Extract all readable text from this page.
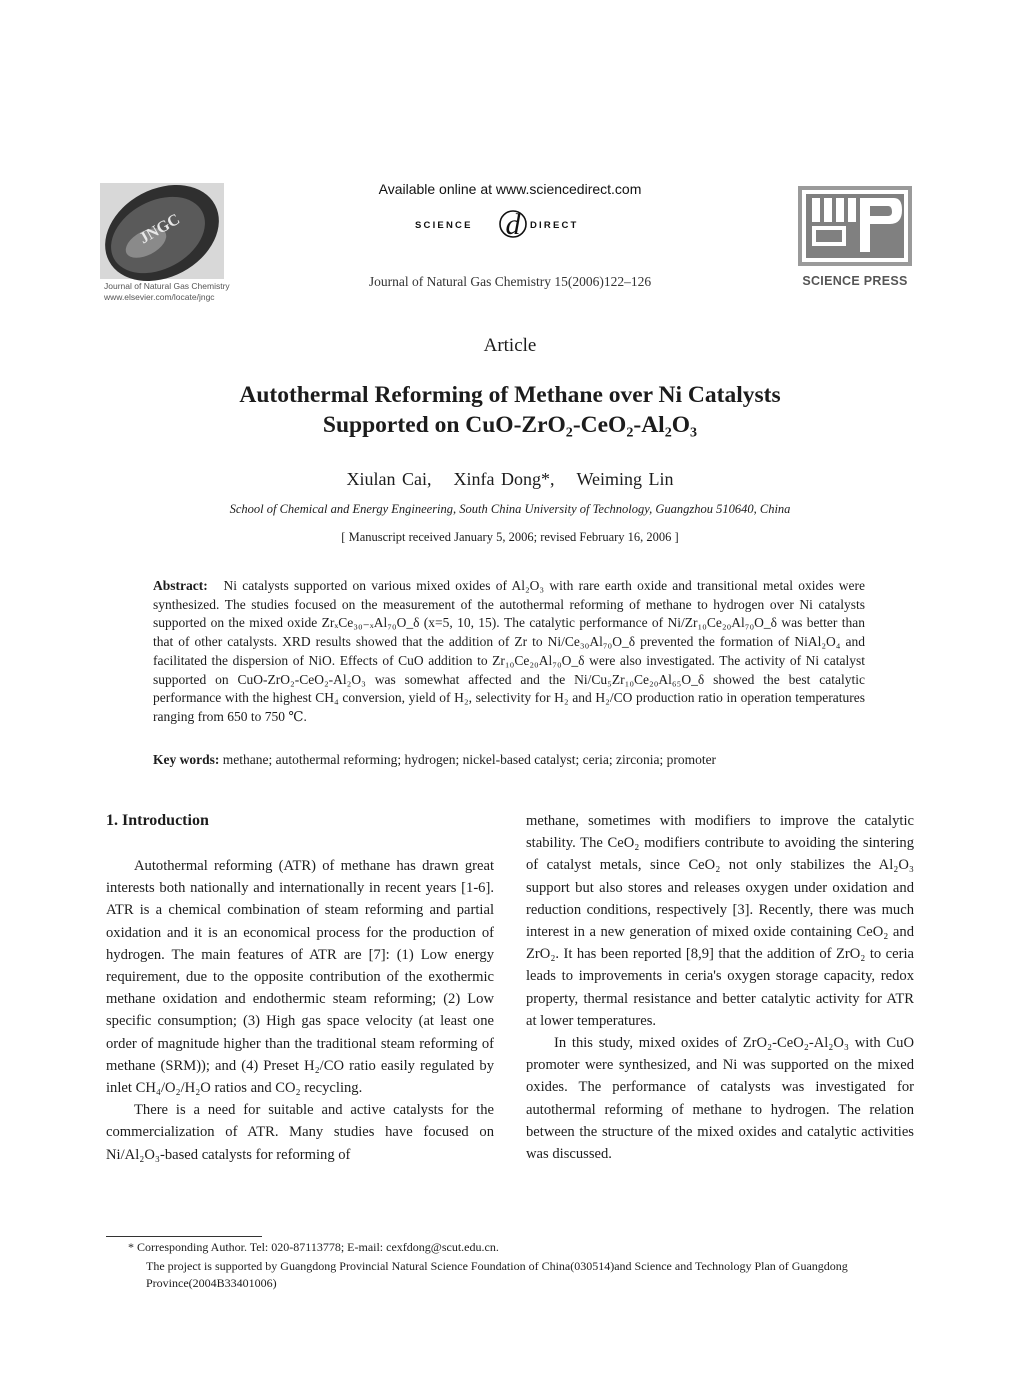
JNGC
Journal of Natural Gas Chemistry
www.elsevier.com/locate/jngc
Available online at www.sciencedirect.com
SCIENCE d DIRECT
Journal of Natural Gas Chemistry 15(2006)122–126	SCIENCE PRESS
Article
Autothermal Reforming of Methane over Ni Catalysts
Supported on CuO-ZrO₂-CeO₂-Al₂O₃
Xiulan Cai, Xinfa Dong*, Weiming Lin
School of Chemical and Energy Engineering, South China University of Technology, Guangzhou 510640, China
[ Manuscript received January 5, 2006; revised February 16, 2006 ]
Abstract: Ni catalysts supported on various mixed oxides of Al₂O₃ with rare earth oxide and transitional metal oxides were synthesized. The studies focused on the measurement of the autothermal reforming of methane to hydrogen over Ni catalysts supported on the mixed oxide ZrₓCe₃₀₋ₓAl₇₀O_δ (x=5, 10, 15). The catalytic performance of Ni/Zr₁₀Ce₂₀Al₇₀O_δ was better than that of other catalysts. XRD results showed that the addition of Zr to Ni/Ce₃₀Al₇₀O_δ prevented the formation of NiAl₂O₄ and facilitated the dispersion of NiO. Effects of CuO addition to Zr₁₀Ce₂₀Al₇₀O_δ were also investigated. The activity of Ni catalyst supported on CuO-ZrO₂-CeO₂-Al₂O₃ was somewhat affected and the Ni/Cu₅Zr₁₀Ce₂₀Al₆₅O_δ showed the best catalytic performance with the highest CH₄ conversion, yield of H₂, selectivity for H₂ and H₂/CO production ratio in operation temperatures ranging from 650 to 750 ℃.
Key words: methane; autothermal reforming; hydrogen; nickel-based catalyst; ceria; zirconia; promoter
1. Introduction

Autothermal reforming (ATR) of methane has drawn great interests both nationally and internationally in recent years [1-6]. ATR is a chemical combination of steam reforming and partial oxidation and it is an economical process for the production of hydrogen. The main features of ATR are [7]: (1) Low energy requirement, due to the opposite contribution of the exothermic methane oxidation and endothermic steam reforming; (2) Low specific consumption; (3) High gas space velocity (at least one order of magnitude higher than the traditional steam reforming of methane (SRM)); and (4) Preset H₂/CO ratio easily regulated by inlet CH₄/O₂/H₂O ratios and CO₂ recycling.

There is a need for suitable and active catalysts for the commercialization of ATR. Many studies have focused on Ni/Al₂O₃-based catalysts for reforming of

methane, sometimes with modifiers to improve the catalytic stability. The CeO₂ modifiers contribute to avoiding the sintering of catalyst metals, since CeO₂ not only stabilizes the Al₂O₃ support but also stores and releases oxygen under oxidation and reduction conditions, respectively [3]. Recently, there was much interest in a new generation of mixed oxide containing CeO₂ and ZrO₂. It has been reported [8,9] that the addition of ZrO₂ to ceria leads to improvements in ceria's oxygen storage capacity, redox property, thermal resistance and better catalytic activity for ATR at lower temperatures.

In this study, mixed oxides of ZrO₂-CeO₂-Al₂O₃ with CuO promoter were synthesized, and Ni was supported on the mixed oxides. The performance of catalysts was investigated for autothermal reforming of methane to hydrogen. The relation between the structure of the mixed oxides and catalytic activities was discussed.

* Corresponding Author. Tel: 020-87113778; E-mail: cexfdong@scut.edu.cn.
The project is supported by Guangdong Provincial Natural Science Foundation of China(030514)and Science and Technology Plan of Guangdong Province(2004B33401006)
